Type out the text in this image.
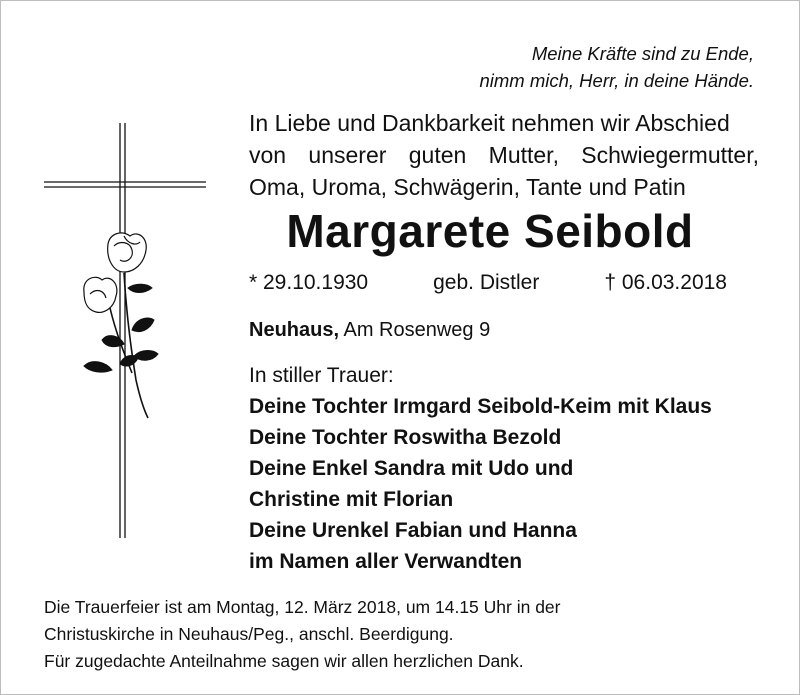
Meine Kräfte sind zu Ende,
nimm mich, Herr, in deine Hände.
In Liebe und Dankbarkeit nehmen wir Abschied
von unserer guten Mutter, Schwiegermutter,
Oma, Uroma, Schwägerin, Tante und Patin
Margarete Seibold
* 29.10.1930	geb. Distler	† 06.03.2018
Neuhaus, Am Rosenweg 9
In stiller Trauer:
Deine Tochter Irmgard Seibold-Keim mit Klaus
Deine Tochter Roswitha Bezold
Deine Enkel Sandra mit Udo und
Christine mit Florian
Deine Urenkel Fabian und Hanna
im Namen aller Verwandten
Die Trauerfeier ist am Montag, 12. März 2018, um 14.15 Uhr in der
Christuskirche in Neuhaus/Peg., anschl. Beerdigung.
Für zugedachte Anteilnahme sagen wir allen herzlichen Dank.
